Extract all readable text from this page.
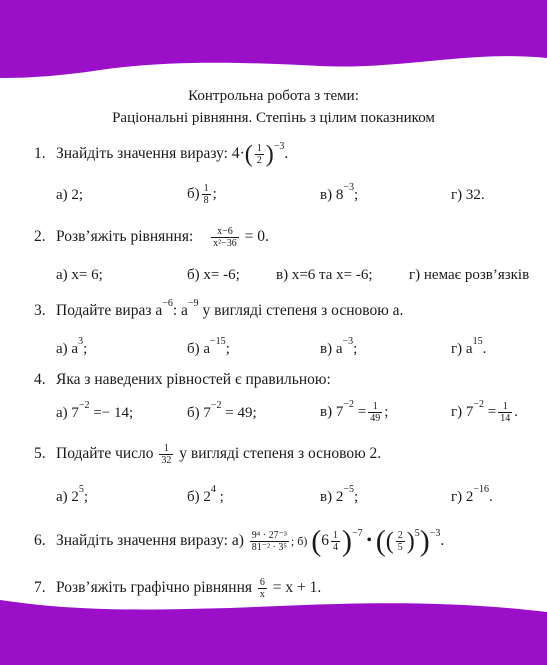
Контрольна робота з теми:
Раціональні рівняння. Степінь з цілим показником
1. Знайдіть значення виразу: $4\cdot( \frac{1}{2} )^{-3}$.
а) 2;	$б) \frac{1}{8}$ ;	в) $8^{-3}$;	г) 32.
2. Розв’яжіть рівняння: $\frac{x-6}{\text{x²−36}} = 0$.
а) x= 6;	б) x= -6; в) x=6 та x= -6; г) немає розв’язків
3. Подайте вираз $a^{-6}$: $a^{-9}$ у вигляді степеня з основою а.
а) $a^3$;	б) $a^{-15}$;	в) $a^{-3}$;	г) $a^{15}$.
4. Яка з наведених рівностей є правильною:
а) $7^{-2} =- 14$;	б) $7^{-2} = 49$;	в) $7^{-2} = \frac{1}{49}$ ;	г) $7^{-2} = \frac{1}{14}$ .
5. Подайте число $\frac{1}{32}$ у вигляді степеня з основою 2.
а) $2^5$;	б) $2^4$ ;	в) $2^{-5}$;	г) $2^{-16}$.
6. Знайдіть значення виразу: $а) \frac{\text{9⁴ · 27⁻³}}{\text{81⁻² · 3⁵}}$ ; б) $(6 \frac{1}{4} )^{-7}$ • (( $\frac{2}{5} )^5)^{-3}$.
7. Розв’яжіть графічно рівняння $\frac{6}{x} = x + 1$.
